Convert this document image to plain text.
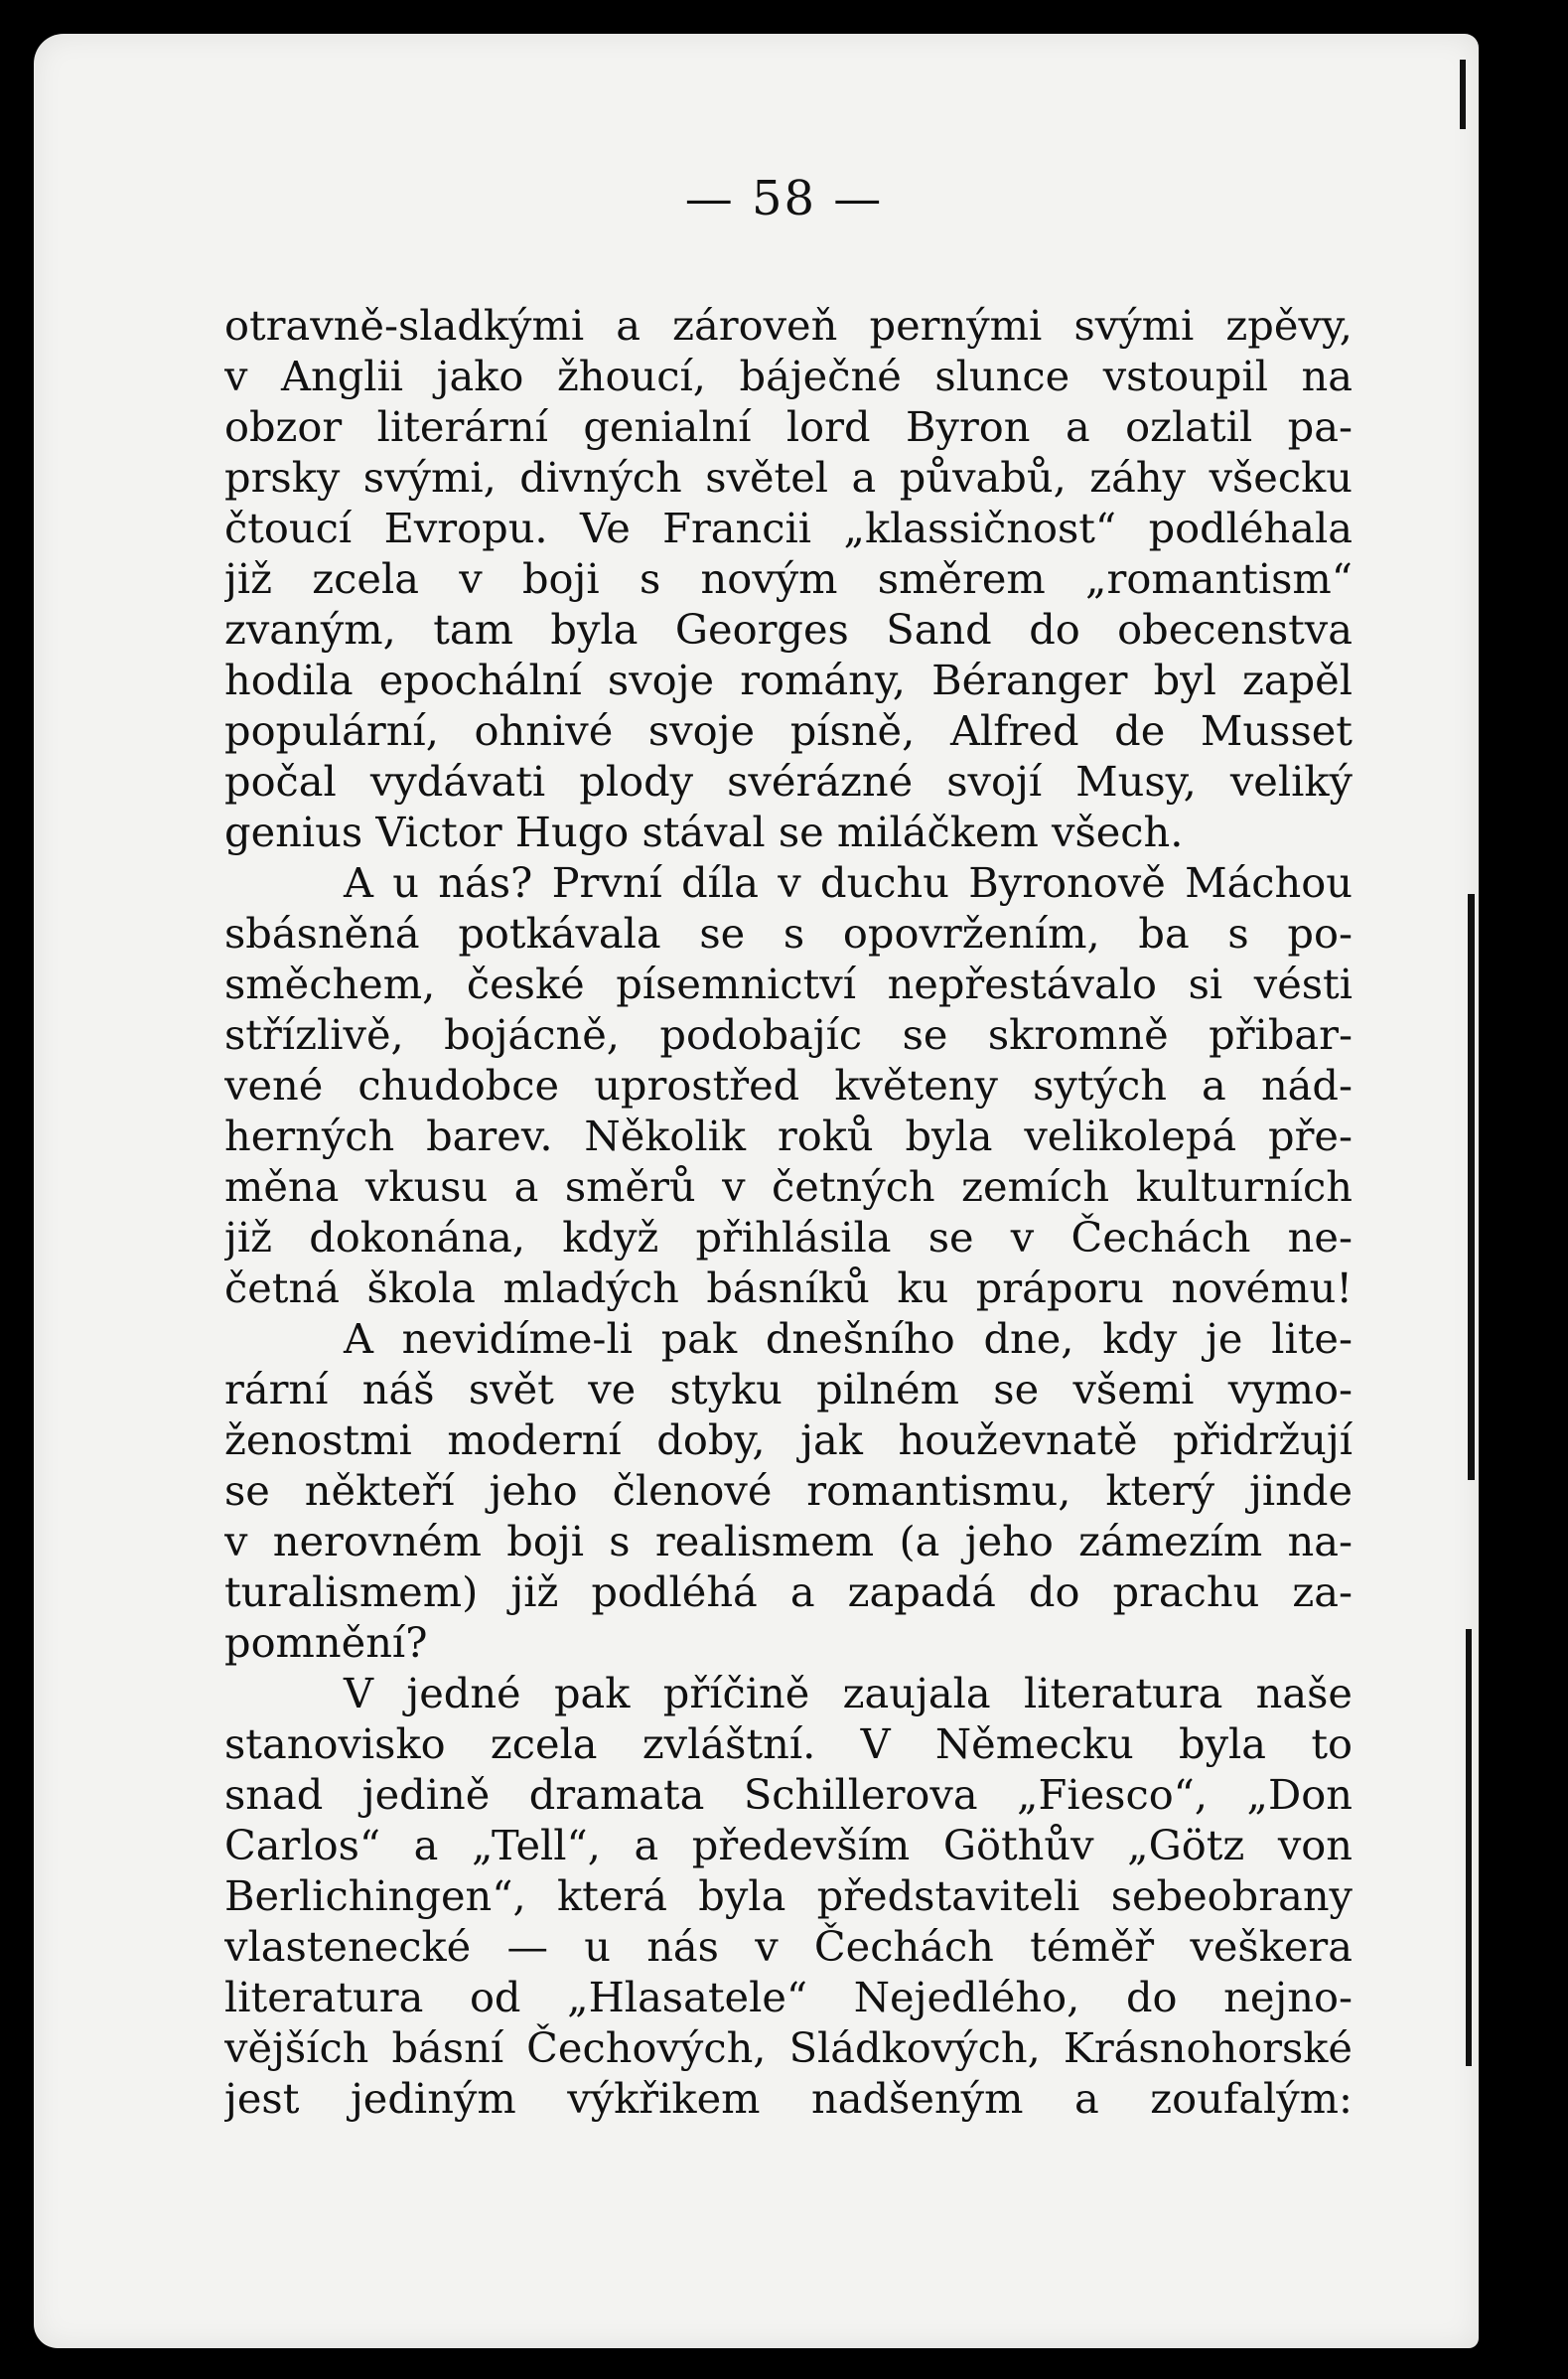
— 58 —
otravně-sladkými a zároveň pernými svými zpěvy,
v Anglii jako žhoucí, báječné slunce vstoupil na
obzor literární genialní lord Byron a ozlatil pa-
prsky svými, divných světel a půvabů, záhy všecku
čtoucí Evropu. Ve Francii „klassičnost“ podléhala
již zcela v boji s novým směrem „romantism“
zvaným, tam byla Georges Sand do obecenstva
hodila epochální svoje romány, Béranger byl zapěl
populární, ohnivé svoje písně, Alfred de Musset
počal vydávati plody svérázné svojí Musy, veliký
genius Victor Hugo stával se miláčkem všech.
A u nás? První díla v duchu Byronově Máchou
sbásněná potkávala se s opovržením, ba s po-
směchem, české písemnictví nepřestávalo si vésti
střízlivě, bojácně, podobajíc se skromně přibar-
vené chudobce uprostřed květeny sytých a nád-
herných barev. Několik roků byla velikolepá pře-
měna vkusu a směrů v četných zemích kulturních
již dokonána, když přihlásila se v Čechách ne-
četná škola mladých básníků ku práporu novému!
A nevidíme-li pak dnešního dne, kdy je lite-
rární náš svět ve styku pilném se všemi vymo-
ženostmi moderní doby, jak houževnatě přidržují
se někteří jeho členové romantismu, který jinde
v nerovném boji s realismem (a jeho zámezím na-
turalismem) již podléhá a zapadá do prachu za-
pomnění?
V jedné pak příčině zaujala literatura naše
stanovisko zcela zvláštní. V Německu byla to
snad jedině dramata Schillerova „Fiesco“, „Don
Carlos“ a „Tell“, a především Göthův „Götz von
Berlichingen“, která byla představiteli sebeobrany
vlastenecké — u nás v Čechách téměř veškera
literatura od „Hlasatele“ Nejedlého, do nejno-
vějších básní Čechových, Sládkových, Krásnohorské
jest jediným výkřikem nadšeným a zoufalým:
